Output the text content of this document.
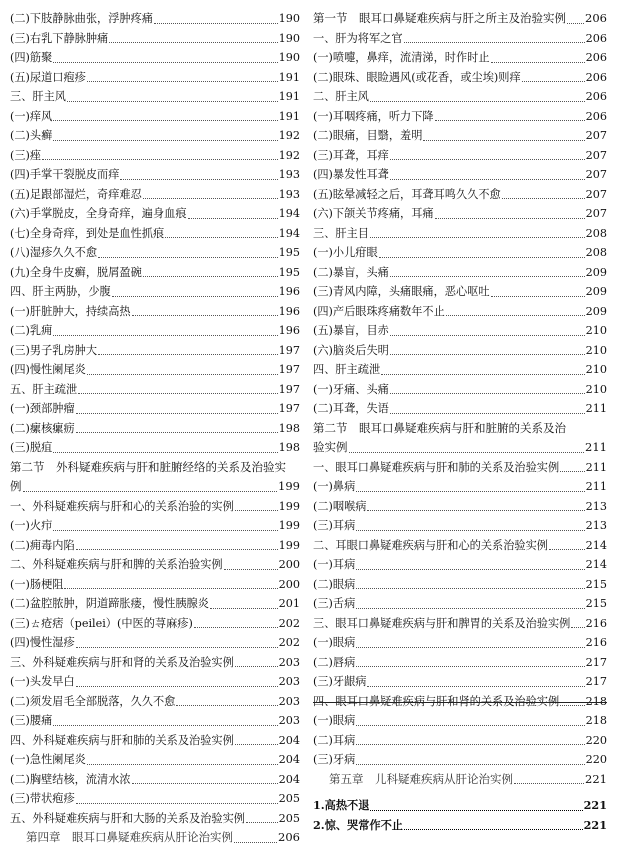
(二)下肢静脉曲张，浮肿疼痛	190
(三)右乳下静脉肿痛	190
(四)筋聚	190
(五)尿道口疱疹	191
三、肝主风	191
(一)痒风	191
(二)头癣	192
(三)痤	192
(四)手掌干裂脱皮而痒	193
(五)足跟部湿烂，奇痒难忍	193
(六)手掌脱皮，全身奇痒，遍身血痕	194
(七)全身奇痒，到处是血性抓痕	194
(八)湿疹久久不愈	195
(九)全身牛皮癣，脱屑盈碗	195
四、肝主两胁，少腹	196
(一)肝脏肿大，持续高热	196
(二)乳痈	196
(三)男子乳房肿大	197
(四)慢性阑尾炎	197
五、肝主疏泄	197
(一)颈部肿瘤	197
(二)瘰核瘰疬	198
(三)脱疽	198
第二节　外科疑难疾病与肝和脏腑经络的关系及治验实
例	199
一、外科疑难疾病与肝和心的关系治验的实例	199
(一)火疖	199
(二)痈毒内陷	199
二、外科疑难疾病与肝和脾的关系治验实例	200
(一)肠梗阻	200
(二)盆腔脓肿，阴道蹄胀瘘，慢性胰腺炎	201
(三)ㄊ疮痞（peilei）(中医的荨麻疹)	202
(四)慢性湿疹	202
三、外科疑难疾病与肝和肾的关系及治验实例	203
(一)头发早白	203
(二)须发眉毛全部脱落，久久不愈	203
(三)腰痛	203
四、外科疑难疾病与肝和肺的关系及治验实例	204
(一)急性阑尾炎	204
(二)胸壁结核，流清水浓	204
(三)带状疱疹	205
五、外科疑难疾病与肝和大肠的关系及治验实例	205
第四章　眼耳口鼻疑难疾病从肝论治实例	206
第一节　眼耳口鼻疑难疾病与肝之所主及治验实例 206
一、肝为将军之官	206
(一)喷嚏，鼻痒，流清涕，时作时止	206
(二)眼珠、眼睑遇风(或花香，或尘埃)则痒	206
二、肝主风	206
(一)耳咽疼痛，听力下降	206
(二)眼痛，目翳，羞明	207
(三)耳聋，耳痒	207
(四)暴发性耳聋	207
(五)眩晕减轻之后，耳聋耳鸣久久不愈	207
(六)下颌关节疼痛，耳痛	207
三、肝主目	208
(一)小儿疳眼	208
(二)暴盲，头痛	209
(三)青风内障，头痛眼痛，恶心呕吐	209
(四)产后眼珠疼痛数年不止	209
(五)暴盲，目赤	210
(六)脑炎后失明	210
四、肝主疏泄	210
(一)牙痛、头痛	210
(二)耳聋，失语	211
第二节　眼耳口鼻疑难疾病与肝和脏腑的关系及治
验实例	211
一、眼耳口鼻疑难疾病与肝和肺的关系及治验实例 211
(一)鼻病	211
(二)咽喉病	213
(三)耳病	213
二、耳眼口鼻疑难疾病与肝和心的关系治验实例	214
(一)耳病	214
(二)眼病	215
(三)舌病	215
三、眼耳口鼻疑难疾病与肝和脾胃的关系及治验实例 216
(一)眼病	216
(二)唇病	217
(三)牙龈病	217
四、眼耳口鼻疑难疾病与肝和肾的关系及治验实例 218
(一)眼病	218
(二)耳病	220
(三)牙病	220
第五章　儿科疑难疾病从肝论治实例	221
1.高热不退	221
2.惊、哭常作不止	221
